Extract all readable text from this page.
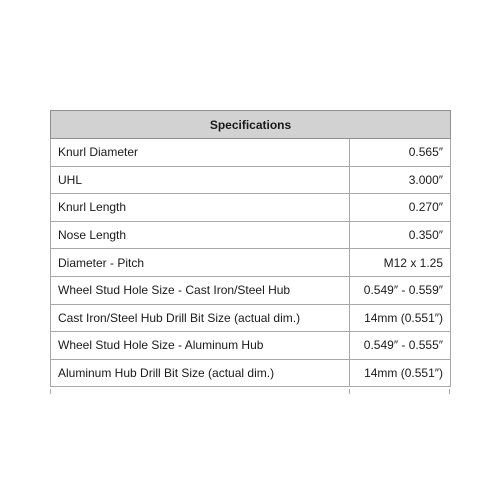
Specifications	
Knurl Diameter	0.565″
UHL	3.000″
Knurl Length	0.270″
Nose Length	0.350″
Diameter - Pitch	M12 x 1.25
Wheel Stud Hole Size - Cast Iron/Steel Hub	0.549″ - 0.559″
Cast Iron/Steel Hub Drill Bit Size (actual dim.)	14mm (0.551″)
Wheel Stud Hole Size - Aluminum Hub	0.549″ - 0.555″
Aluminum Hub Drill Bit Size (actual dim.)	14mm (0.551″)
